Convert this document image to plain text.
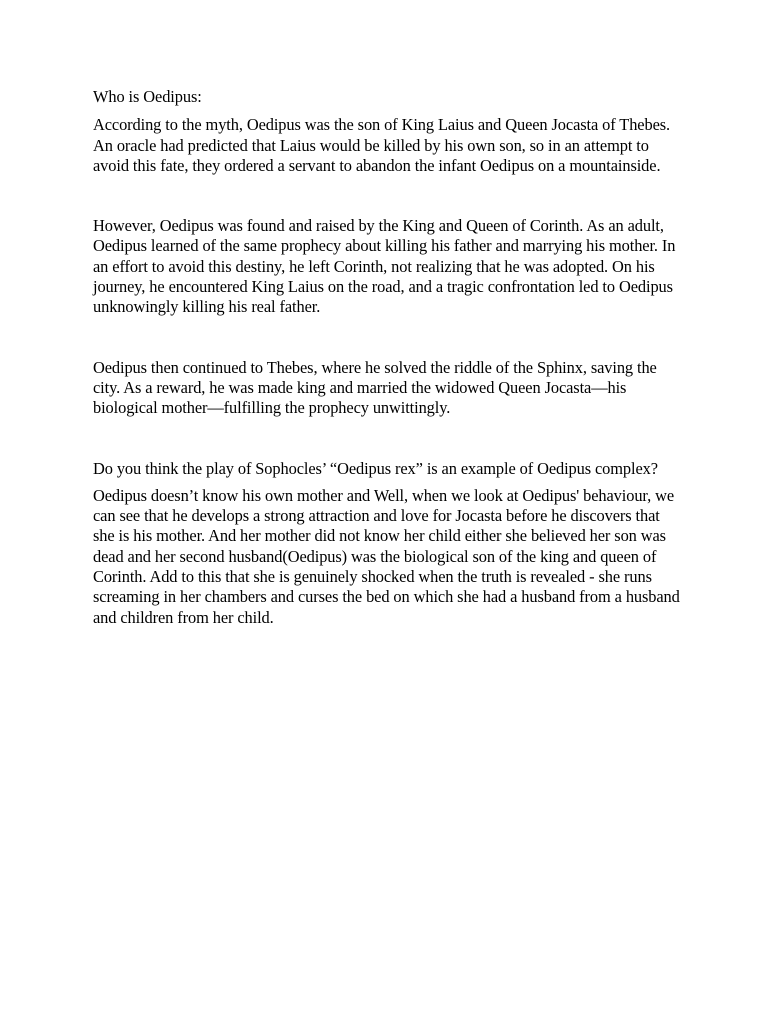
Who is Oedipus:

According to the myth, Oedipus was the son of King Laius and Queen Jocasta of Thebes. An oracle had predicted that Laius would be killed by his own son, so in an attempt to avoid this fate, they ordered a servant to abandon the infant Oedipus on a mountainside.

However, Oedipus was found and raised by the King and Queen of Corinth. As an adult, Oedipus learned of the same prophecy about killing his father and marrying his mother. In an effort to avoid this destiny, he left Corinth, not realizing that he was adopted. On his journey, he encountered King Laius on the road, and a tragic confrontation led to Oedipus unknowingly killing his real father.

Oedipus then continued to Thebes, where he solved the riddle of the Sphinx, saving the city. As a reward, he was made king and married the widowed Queen Jocasta—his biological mother—fulfilling the prophecy unwittingly.

Do you think the play of Sophocles’ “Oedipus rex” is an example of Oedipus complex?

Oedipus doesn’t know his own mother and Well, when we look at Oedipus' behaviour, we can see that he develops a strong attraction and love for Jocasta before he discovers that she is his mother. And her mother did not know her child either she believed her son was dead and her second husband(Oedipus) was the biological son of the king and queen of Corinth. Add to this that she is genuinely shocked when the truth is revealed - she runs screaming in her chambers and curses the bed on which she had a husband from a husband and children from her child.
